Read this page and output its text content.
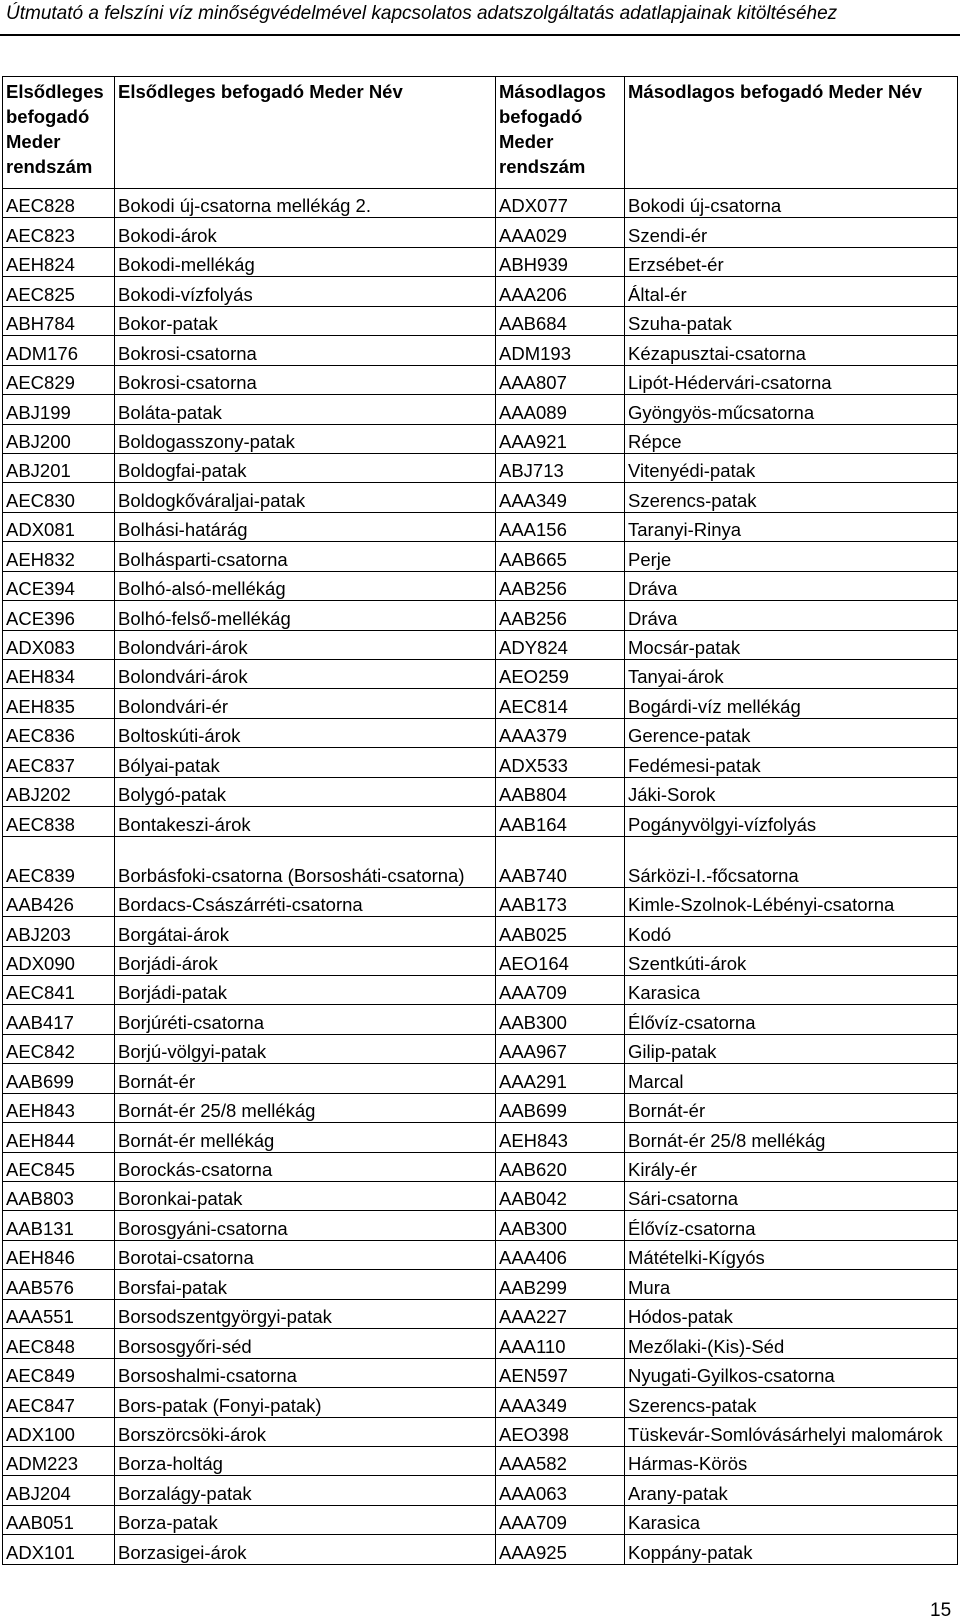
Útmutató a felszíni víz minőségvédelmével kapcsolatos adatszolgáltatás adatlapjainak kitöltéséhez
Elsődleges befogadó Meder rendszám	Elsődleges befogadó Meder Név	Másodlagos befogadó Meder rendszám	Másodlagos befogadó Meder Név
AEC828	Bokodi új-csatorna mellékág 2.	ADX077	Bokodi új-csatorna
AEC823	Bokodi-árok	AAA029	Szendi-ér
AEH824	Bokodi-mellékág	ABH939	Erzsébet-ér
AEC825	Bokodi-vízfolyás	AAA206	Által-ér
ABH784	Bokor-patak	AAB684	Szuha-patak
ADM176	Bokrosi-csatorna	ADM193	Kézapusztai-csatorna
AEC829	Bokrosi-csatorna	AAA807	Lipót-Hédervári-csatorna
ABJ199	Boláta-patak	AAA089	Gyöngyös-műcsatorna
ABJ200	Boldogasszony-patak	AAA921	Répce
ABJ201	Boldogfai-patak	ABJ713	Vitenyédi-patak
AEC830	Boldogkőváraljai-patak	AAA349	Szerencs-patak
ADX081	Bolhási-határág	AAA156	Taranyi-Rinya
AEH832	Bolhásparti-csatorna	AAB665	Perje
ACE394	Bolhó-alsó-mellékág	AAB256	Dráva
ACE396	Bolhó-felső-mellékág	AAB256	Dráva
ADX083	Bolondvári-árok	ADY824	Mocsár-patak
AEH834	Bolondvári-árok	AEO259	Tanyai-árok
AEH835	Bolondvári-ér	AEC814	Bogárdi-víz mellékág
AEC836	Boltoskúti-árok	AAA379	Gerence-patak
AEC837	Bólyai-patak	ADX533	Fedémesi-patak
ABJ202	Bolygó-patak	AAB804	Jáki-Sorok
AEC838	Bontakeszi-árok	AAB164	Pogányvölgyi-vízfolyás
AEC839	Borbásfoki-csatorna (Borsosháti-csatorna)	AAB740	Sárközi-I.-főcsatorna
AAB426	Bordacs-Császárréti-csatorna	AAB173	Kimle-Szolnok-Lébényi-csatorna
ABJ203	Borgátai-árok	AAB025	Kodó
ADX090	Borjádi-árok	AEO164	Szentkúti-árok
AEC841	Borjádi-patak	AAA709	Karasica
AAB417	Borjúréti-csatorna	AAB300	Élővíz-csatorna
AEC842	Borjú-völgyi-patak	AAA967	Gilip-patak
AAB699	Bornát-ér	AAA291	Marcal
AEH843	Bornát-ér 25/8 mellékág	AAB699	Bornát-ér
AEH844	Bornát-ér mellékág	AEH843	Bornát-ér 25/8 mellékág
AEC845	Borockás-csatorna	AAB620	Király-ér
AAB803	Boronkai-patak	AAB042	Sári-csatorna
AAB131	Borosgyáni-csatorna	AAB300	Élővíz-csatorna
AEH846	Borotai-csatorna	AAA406	Mátételki-Kígyós
AAB576	Borsfai-patak	AAB299	Mura
AAA551	Borsodszentgyörgyi-patak	AAA227	Hódos-patak
AEC848	Borsosgyőri-séd	AAA110	Mezőlaki-(Kis)-Séd
AEC849	Borsoshalmi-csatorna	AEN597	Nyugati-Gyilkos-csatorna
AEC847	Bors-patak (Fonyi-patak)	AAA349	Szerencs-patak
ADX100	Borszörcsöki-árok	AEO398	Tüskevár-Somlóvásárhelyi malomárok
ADM223	Borza-holtág	AAA582	Hármas-Körös
ABJ204	Borzalágy-patak	AAA063	Arany-patak
AAB051	Borza-patak	AAA709	Karasica
ADX101	Borzasigei-árok	AAA925	Koppány-patak
15
